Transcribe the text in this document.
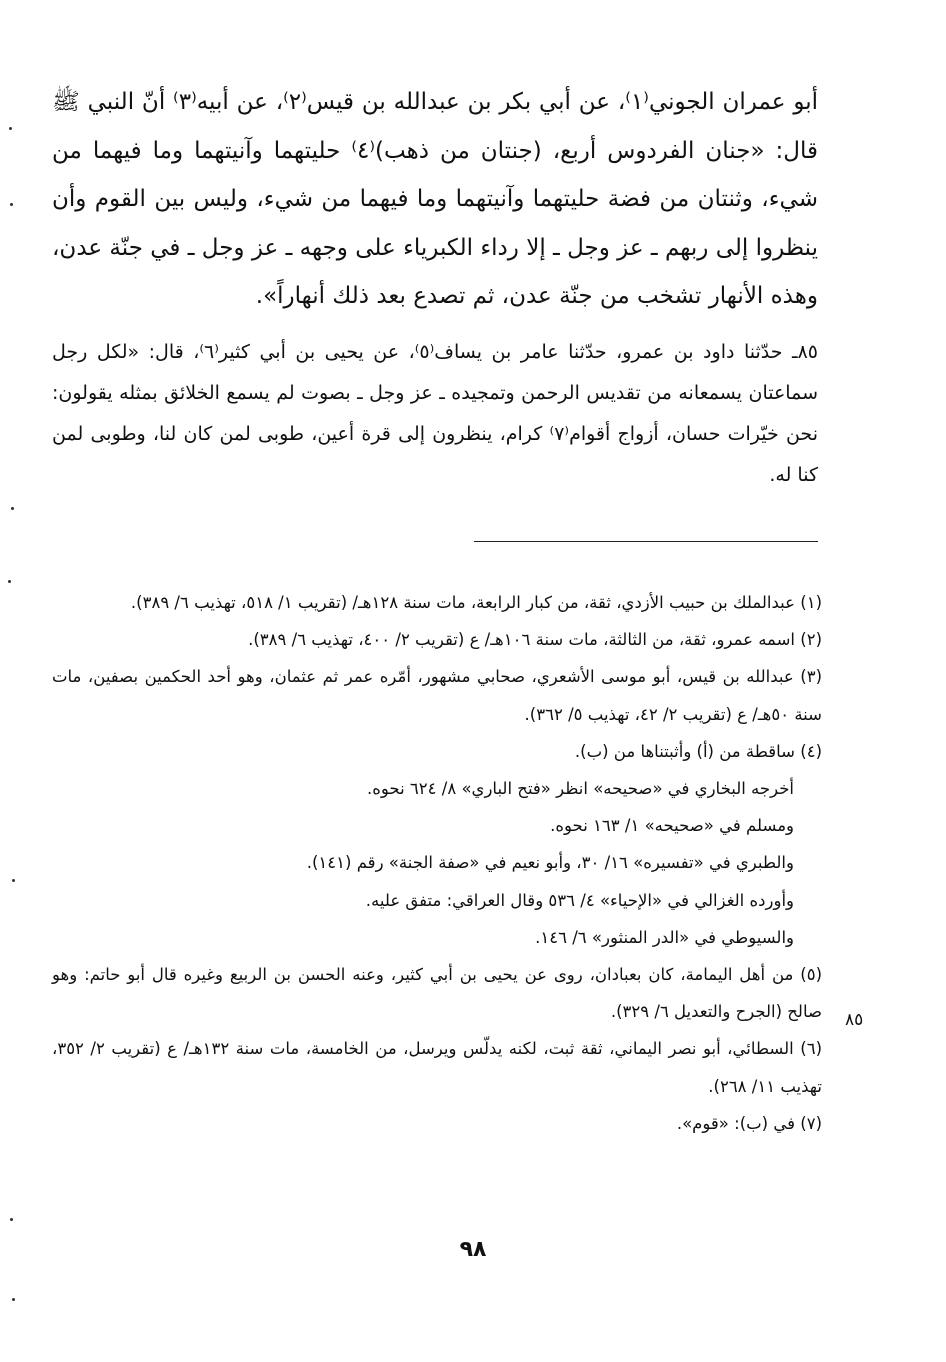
أبو عمران الجوني⁽١⁾، عن أبي بكر بن عبدالله بن قيس⁽٢⁾، عن أبيه⁽٣⁾ أنّ النبي ﷺ قال: «جنان الفردوس أربع، (جنتان من ذهب)⁽٤⁾ حليتهما وآنيتهما وما فيهما من شيء، وثنتان من فضة حليتهما وآنيتهما وما فيهما من شيء، وليس بين القوم وأن ينظروا إلى ربهم ـ عز وجل ـ إلا رداء الكبرياء على وجهه ـ عز وجل ـ في جنّة عدن، وهذه الأنهار تشخب من جنّة عدن، ثم تصدع بعد ذلك أنهاراً».

٨٥ـ حدّثنا داود بن عمرو، حدّثنا عامر بن يساف⁽٥⁾، عن يحيى بن أبي كثير⁽٦⁾، قال: «لكل رجل سماعتان يسمعانه من تقديس الرحمن وتمجيده ـ عز وجل ـ بصوت لم يسمع الخلائق بمثله يقولون: نحن خيّرات حسان، أزواج أقوام⁽٧⁾ كرام، ينظرون إلى قرة أعين، طوبى لمن كان لنا، وطوبى لمن كنا له.

(١) عبدالملك بن حبيب الأزدي، ثقة، من كبار الرابعة، مات سنة ١٢٨هـ/ (تقريب ١/ ٥١٨، تهذيب ٦/ ٣٨٩).

(٢) اسمه عمرو، ثقة، من الثالثة، مات سنة ١٠٦هـ/ ع (تقريب ٢/ ٤٠٠، تهذيب ٦/ ٣٨٩).

(٣) عبدالله بن قيس، أبو موسى الأشعري، صحابي مشهور، أمّره عمر ثم عثمان، وهو أحد الحكمين بصفين، مات سنة ٥٠هـ/ ع (تقريب ٢/ ٤٢، تهذيب ٥/ ٣٦٢).

(٤) ساقطة من (أ) وأثبتناها من (ب).

أخرجه البخاري في «صحيحه» انظر «فتح الباري» ٨/ ٦٢٤ نحوه.

ومسلم في «صحيحه» ١/ ١٦٣ نحوه.

والطبري في «تفسيره» ١٦/ ٣٠، وأبو نعيم في «صفة الجنة» رقم (١٤١).

وأورده الغزالي في «الإحياء» ٤/ ٥٣٦ وقال العراقي: متفق عليه.

والسيوطي في «الدر المنثور» ٦/ ١٤٦.

(٥) من أهل اليمامة، كان بعبادان، روى عن يحيى بن أبي كثير، وعنه الحسن بن الربيع وغيره قال أبو حاتم: وهو صالح (الجرح والتعديل ٦/ ٣٢٩).

(٦) السطائي، أبو نصر اليماني، ثقة ثبت، لكنه يدلّس ويرسل، من الخامسة، مات سنة ١٣٢هـ/ ع (تقريب ٢/ ٣٥٢، تهذيب ١١/ ٢٦٨).

(٧) في (ب): «قوم».

٨٥
٩٨
